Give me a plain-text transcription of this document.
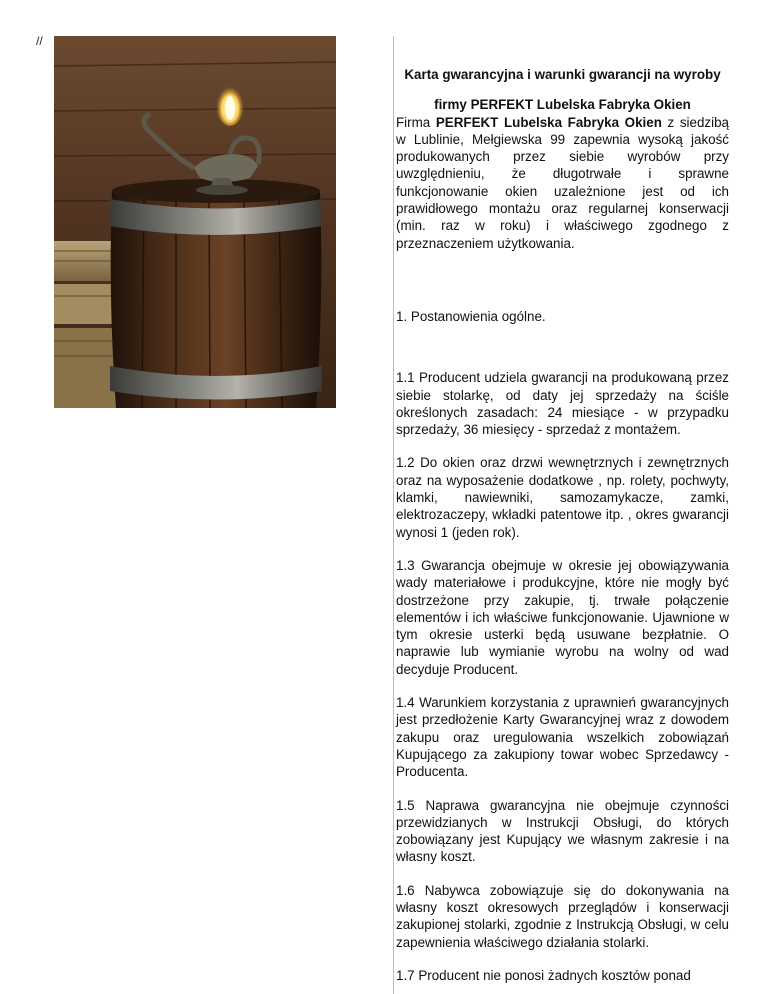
//

Karta gwarancyjna i warunki gwarancji na wyroby

firmy PERFEKT Lubelska Fabryka Okien

Firma PERFEKT Lubelska Fabryka Okien z siedzibą w Lublinie, Mełgiewska 99 zapewnia wysoką jakość produkowanych przez siebie wyrobów przy uwzględnieniu, że długotrwałe i sprawne funkcjonowanie okien uzależnione jest od ich prawidłowego montażu oraz regularnej konserwacji (min. raz w roku) i właściwego zgodnego z przeznaczeniem użytkowania.

1. Postanowienia ogólne.

1.1 Producent udziela gwarancji na produkowaną przez siebie stolarkę, od daty jej sprzedaży na ściśle określonych zasadach: 24 miesiące - w przypadku sprzedaży, 36 miesięcy - sprzedaż z montażem.

1.2 Do okien oraz drzwi wewnętrznych i zewnętrznych oraz na wyposażenie dodatkowe , np. rolety, pochwyty, klamki, nawiewniki, samozamykacze, zamki, elektrozaczepy, wkładki patentowe itp. , okres gwarancji wynosi 1 (jeden rok).

1.3 Gwarancja obejmuje w okresie jej obowiązywania wady materiałowe i produkcyjne, które nie mogły być dostrzeżone przy zakupie, tj. trwałe połączenie elementów i ich właściwe funkcjonowanie. Ujawnione w tym okresie usterki będą usuwane bezpłatnie. O naprawie lub wymianie wyrobu na wolny od wad decyduje Producent.

1.4 Warunkiem korzystania z uprawnień gwarancyjnych jest przedłożenie Karty Gwarancyjnej wraz z dowodem zakupu oraz uregulowania wszelkich zobowiązań Kupującego za zakupiony towar wobec Sprzedawcy - Producenta.

1.5 Naprawa gwarancyjna nie obejmuje czynności przewidzianych w Instrukcji Obsługi, do których zobowiązany jest Kupujący we własnym zakresie i na własny koszt.

1.6 Nabywca zobowiązuje się do dokonywania na własny koszt okresowych przeglądów i konserwacji zakupionej stolarki, zgodnie z Instrukcją Obsługi, w celu zapewnienia właściwego działania stolarki.

1.7 Producent nie ponosi żadnych kosztów ponad
